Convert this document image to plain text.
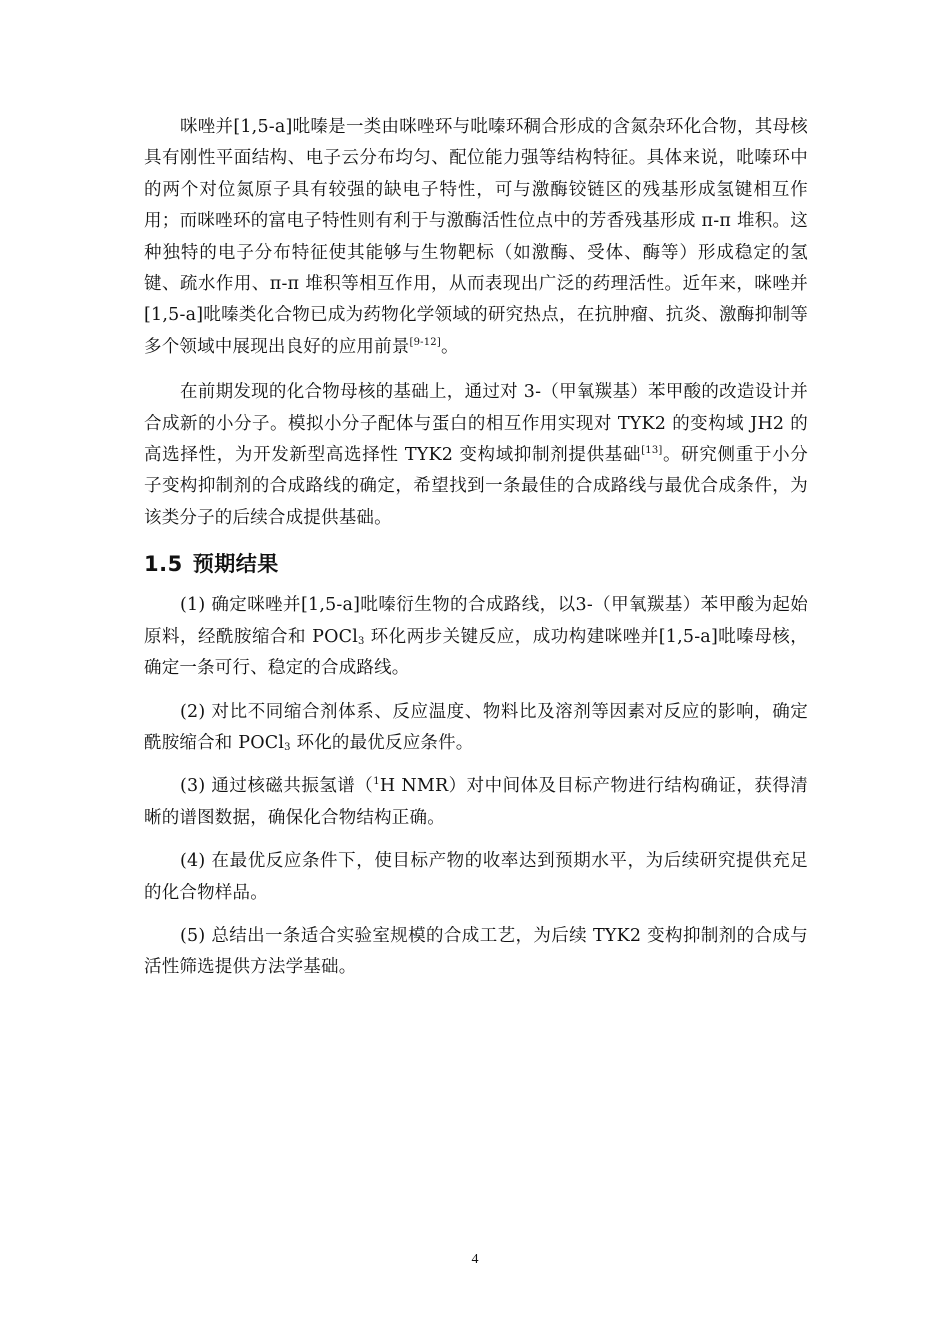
咪唑并[1,5-a]吡嗪是一类由咪唑环与吡嗪环稠合形成的含氮杂环化合物，其母核具有刚性平面结构、电子云分布均匀、配位能力强等结构特征。具体来说，吡嗪环中的两个对位氮原子具有较强的缺电子特性，可与激酶铰链区的残基形成氢键相互作用；而咪唑环的富电子特性则有利于与激酶活性位点中的芳香残基形成 π-π 堆积。这种独特的电子分布特征使其能够与生物靶标（如激酶、受体、酶等）形成稳定的氢键、疏水作用、π-π 堆积等相互作用，从而表现出广泛的药理活性。近年来，咪唑并[1,5-a]吡嗪类化合物已成为药物化学领域的研究热点，在抗肿瘤、抗炎、激酶抑制等多个领域中展现出良好的应用前景[9-12]。

在前期发现的化合物母核的基础上，通过对 3-（甲氧羰基）苯甲酸的改造设计并合成新的小分子。模拟小分子配体与蛋白的相互作用实现对 TYK2 的变构域 JH2 的高选择性，为开发新型高选择性 TYK2 变构域抑制剂提供基础[13]。研究侧重于小分子变构抑制剂的合成路线的确定，希望找到一条最佳的合成路线与最优合成条件，为该类分子的后续合成提供基础。

1.5 预期结果

(1) 确定咪唑并[1,5-a]吡嗪衍生物的合成路线，以3-（甲氧羰基）苯甲酸为起始原料，经酰胺缩合和 POCl$_3$ 环化两步关键反应，成功构建咪唑并[1,5-a]吡嗪母核，确定一条可行、稳定的合成路线。

(2) 对比不同缩合剂体系、反应温度、物料比及溶剂等因素对反应的影响，确定酰胺缩合和 POCl$_3$ 环化的最优反应条件。

(3) 通过核磁共振氢谱（$^1$H NMR）对中间体及目标产物进行结构确证，获得清晰的谱图数据，确保化合物结构正确。

(4) 在最优反应条件下，使目标产物的收率达到预期水平，为后续研究提供充足的化合物样品。

(5) 总结出一条适合实验室规模的合成工艺，为后续 TYK2 变构抑制剂的合成与活性筛选提供方法学基础。

4
